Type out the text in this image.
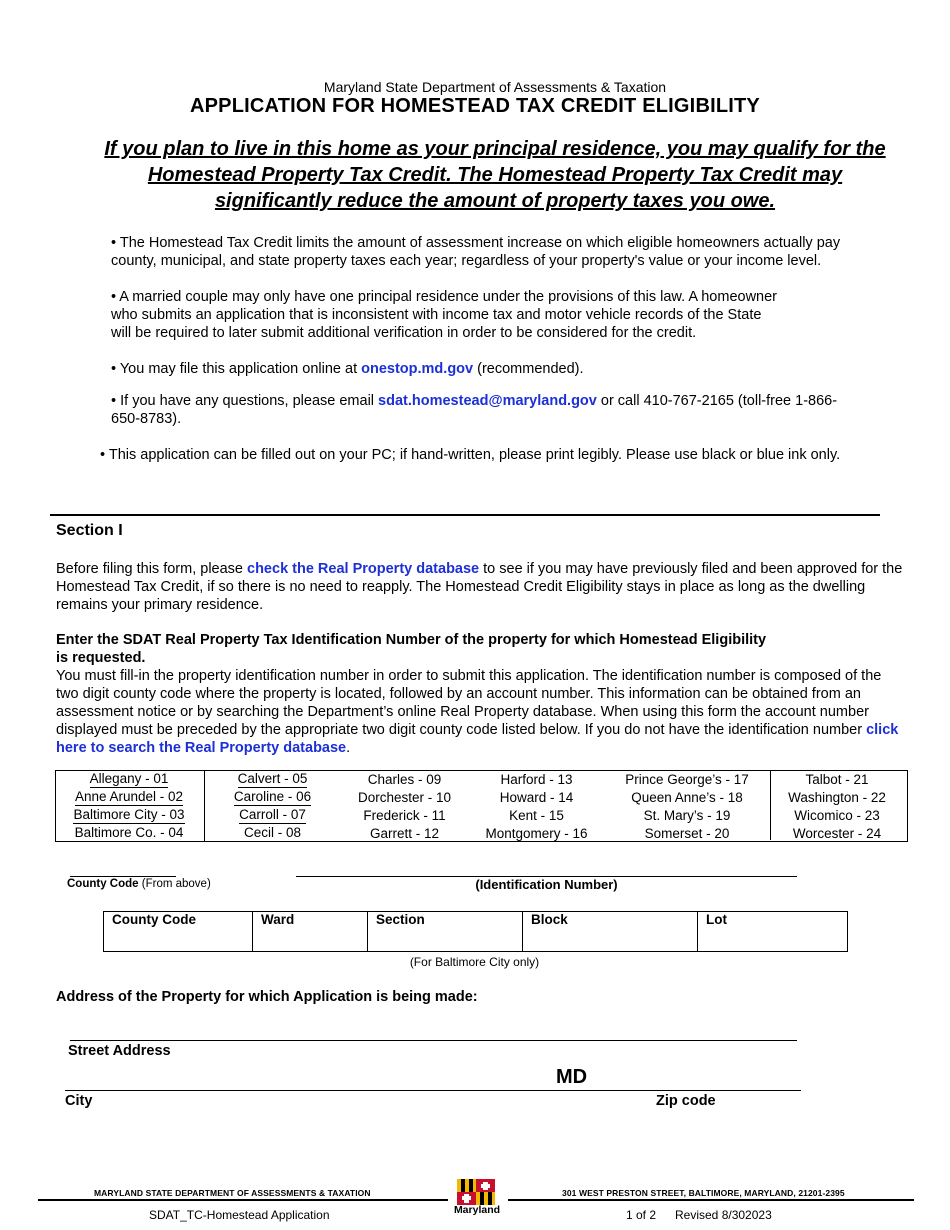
Maryland State Department of Assessments & Taxation
APPLICATION FOR HOMESTEAD TAX CREDIT ELIGIBILITY
If you plan to live in this home as your principal residence, you may qualify for the Homestead Property Tax Credit. The Homestead Property Tax Credit may significantly reduce the amount of property taxes you owe.
• The Homestead Tax Credit limits the amount of assessment increase on which eligible homeowners actually pay county, municipal, and state property taxes each year; regardless of your property's value or your income level.
• A married couple may only have one principal residence under the provisions of this law. A homeowner
who submits an application that is inconsistent with income tax and motor vehicle records of the State
will be required to later submit additional verification in order to be considered for the credit.
• You may file this application online at onestop.md.gov (recommended).
• If you have any questions, please email sdat.homestead@maryland.gov or call 410-767-2165 (toll-free 1-866-650-8783).
• This application can be filled out on your PC; if hand-written, please print legibly. Please use black or blue ink only.
Section I
Before filing this form, please check the Real Property database to see if you may have previously filed and been approved for the Homestead Tax Credit, if so there is no need to reapply. The Homestead Credit Eligibility stays in place as long as the dwelling remains your primary residence.
Enter the SDAT Real Property Tax Identification Number of the property for which Homestead Eligibility is requested.
You must fill-in the property identification number in order to submit this application. The identification number is composed of the two digit county code where the property is located, followed by an account number. This information can be obtained from an assessment notice or by searching the Department’s online Real Property database. When using this form the account number displayed must be preceded by the appropriate two digit county code listed below. If you do not have the identification number click here to search the Real Property database.
Allegany - 01	Calvert - 05	Charles - 09	Harford - 13	Prince George’s - 17	Talbot - 21
Anne Arundel - 02	Caroline - 06	Dorchester - 10	Howard - 14	Queen Anne’s - 18	Washington - 22
Baltimore City - 03	Carroll - 07	Frederick - 11	Kent - 15	St. Mary’s - 19	Wicomico - 23
Baltimore Co. - 04	Cecil - 08	Garrett - 12	Montgomery - 16	Somerset - 20	Worcester - 24
County Code (From above)	(Identification Number)
County Code	Ward	Section	Block	Lot
(For Baltimore City only)
Address of the Property for which Application is being made:
Street Address
MD
City	Zip code
MARYLAND STATE DEPARTMENT OF ASSESSMENTS & TAXATION	301 WEST PRESTON STREET, BALTIMORE, MARYLAND, 21201-2395
Maryland
SDAT_TC-Homestead Application	1 of 2 Revised 8/302023
